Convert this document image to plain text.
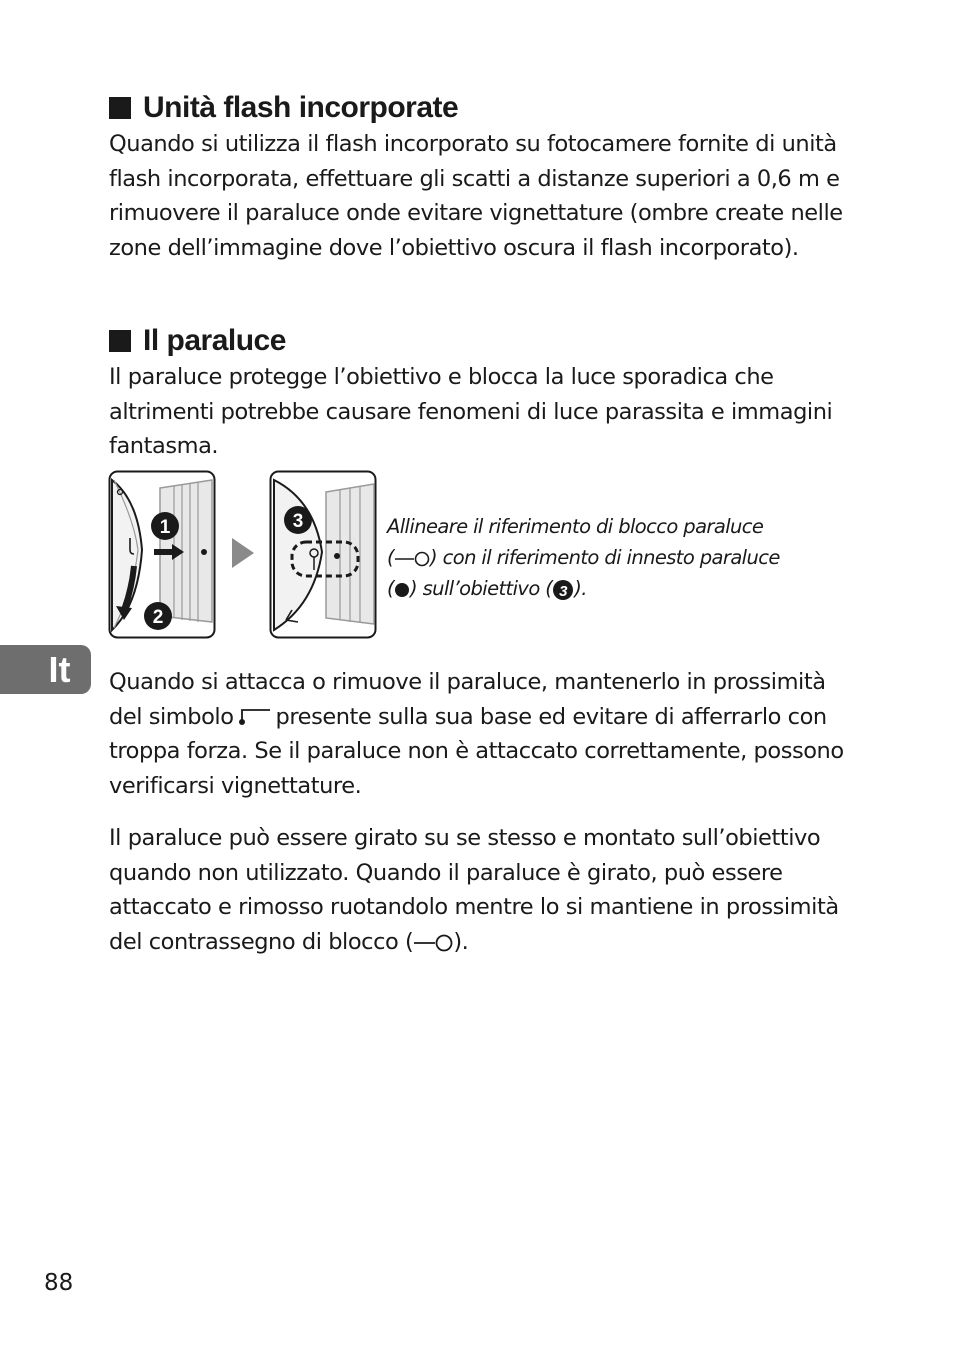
Unità flash incorporate

Quando si utilizza il flash incorporato su fotocamere fornite di unità flash incorporata, effettuare gli scatti a distanze superiori a 0,6 m e rimuovere il paraluce onde evitare vignettature (ombre create nelle zone dell’immagine dove l’obiettivo oscura il flash incorporato).

Il paraluce

Il paraluce protegge l’obiettivo e blocca la luce sporadica che altrimenti potrebbe causare fenomeni di luce parassita e immagini fantasma.

1
2
3	Allineare il riferimento di blocco paraluce
( ) con il riferimento di innesto paraluce
( ) sull’obiettivo ( 3 ).

It Quando si attacca o rimuove il paraluce, mantenerlo in prossimità del simbolo presente sulla sua base ed evitare di afferrarlo con troppa forza. Se il paraluce non è attaccato correttamente, possono verificarsi vignettature.

Il paraluce può essere girato su se stesso e montato sull’obiettivo quando non utilizzato. Quando il paraluce è girato, può essere attaccato e rimosso ruotandolo mentre lo si mantiene in prossimità del contrassegno di blocco ( ).

88
